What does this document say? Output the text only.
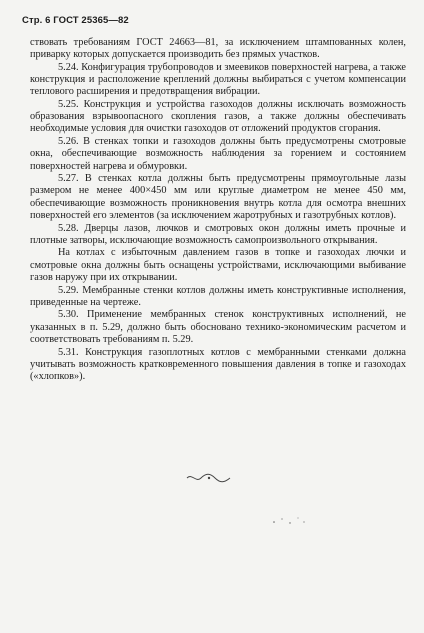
Стр. 6 ГОСТ 25365—82

ствовать требованиям ГОСТ 24663—81, за исключением штампованных колен, приварку которых допускается производить без прямых участков.

5.24. Конфигурация трубопроводов и змеевиков поверхностей нагрева, а также конструкция и расположение креплений должны выбираться с учетом компенсации теплового расширения и предотвращения вибрации.

5.25. Конструкция и устройства газоходов должны исключать возможность образования взрывоопасного скопления газов, а также должны обеспечивать необходимые условия для очистки газоходов от отложений продуктов сгорания.

5.26. В стенках топки и газоходов должны быть предусмотрены смотровые окна, обеспечивающие возможность наблюдения за горением и состоянием поверхностей нагрева и обмуровки.

5.27. В стенках котла должны быть предусмотрены прямоугольные лазы размером не менее 400×450 мм или круглые диаметром не менее 450 мм, обеспечивающие возможность проникновения внутрь котла для осмотра внешних поверхностей его элементов (за исключением жаротрубных и газотрубных котлов).

5.28. Дверцы лазов, лючков и смотровых окон должны иметь прочные и плотные затворы, исключающие возможность самопроизвольного открывания.

На котлах с избыточным давлением газов в топке и газоходах лючки и смотровые окна должны быть оснащены устройствами, исключающими выбивание газов наружу при их открывании.

5.29. Мембранные стенки котлов должны иметь конструктивные исполнения, приведенные на чертеже.

5.30. Применение мембранных стенок конструктивных исполнений, не указанных в п. 5.29, должно быть обосновано технико-экономическим расчетом и соответствовать требованиям п. 5.29.

5.31. Конструкция газоплотных котлов с мембранными стенками должна учитывать возможность кратковременного повышения давления в топке и газоходах («хлопков»).
